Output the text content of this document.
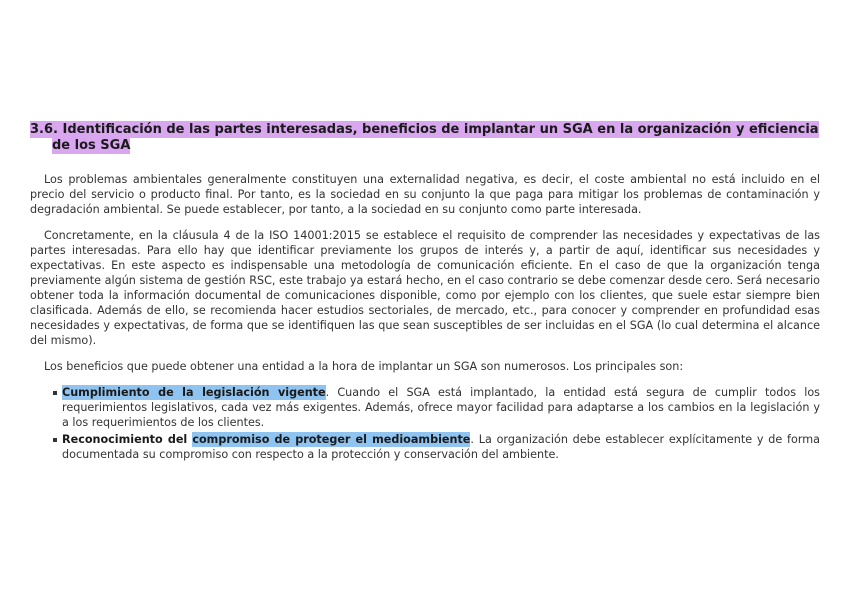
3.6. Identificación de las partes interesadas, beneficios de implantar un SGA en la organización y eficiencia de los SGA

Los problemas ambientales generalmente constituyen una externalidad negativa, es decir, el coste ambiental no está incluido en el precio del servicio o producto final. Por tanto, es la sociedad en su conjunto la que paga para mitigar los problemas de contaminación y degradación ambiental. Se puede establecer, por tanto, a la sociedad en su conjunto como parte interesada.

Concretamente, en la cláusula 4 de la ISO 14001:2015 se establece el requisito de comprender las necesidades y expectativas de las partes interesadas. Para ello hay que identificar previamente los grupos de interés y, a partir de aquí, identificar sus necesidades y expectativas. En este aspecto es indispensable una metodología de comunicación eficiente. En el caso de que la organización tenga previamente algún sistema de gestión RSC, este trabajo ya estará hecho, en el caso contrario se debe comenzar desde cero. Será necesario obtener toda la información documental de comunicaciones disponible, como por ejemplo con los clientes, que suele estar siempre bien clasificada. Además de ello, se recomienda hacer estudios sectoriales, de mercado, etc., para conocer y comprender en profundidad esas necesidades y expectativas, de forma que se identifiquen las que sean susceptibles de ser incluidas en el SGA (lo cual determina el alcance del mismo).

Los beneficios que puede obtener una entidad a la hora de implantar un SGA son numerosos. Los principales son:

Cumplimiento de la legislación vigente. Cuando el SGA está implantado, la entidad está segura de cumplir todos los requerimientos legislativos, cada vez más exigentes. Además, ofrece mayor facilidad para adaptarse a los cambios en la legislación y a los requerimientos de los clientes.
Reconocimiento del compromiso de proteger el medioambiente. La organización debe establecer explícitamente y de forma documentada su compromiso con respecto a la protección y conservación del ambiente.
